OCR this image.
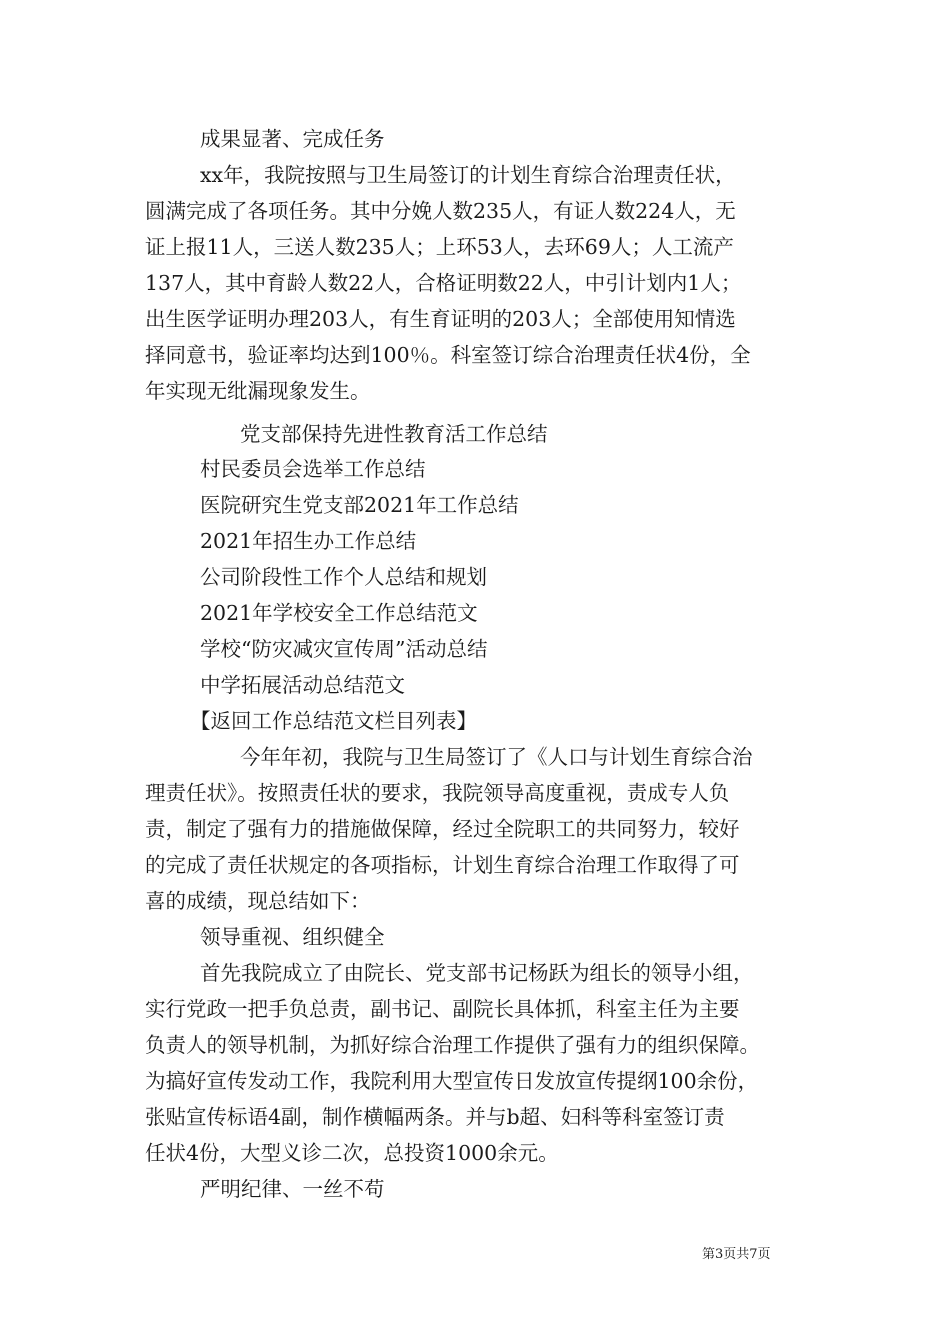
成果显著、完成任务
xx年，我院按照与卫生局签订的计划生育综合治理责任状，
圆满完成了各项任务。其中分娩人数235人，有证人数224人，无
证上报11人，三送人数235人；上环53人，去环69人；人工流产
137人，其中育龄人数22人，合格证明数22人，中引计划内1人；
出生医学证明办理203人，有生育证明的203人；全部使用知情选
择同意书，验证率均达到100％。科室签订综合治理责任状4份，全
年实现无纰漏现象发生。
党支部保持先进性教育活工作总结
村民委员会选举工作总结
医院研究生党支部2021年工作总结
2021年招生办工作总结
公司阶段性工作个人总结和规划
2021年学校安全工作总结范文
学校“防灾减灾宣传周”活动总结
中学拓展活动总结范文
【返回工作总结范文栏目列表】
今年年初，我院与卫生局签订了《人口与计划生育综合治
理责任状》。按照责任状的要求，我院领导高度重视，责成专人负
责，制定了强有力的措施做保障，经过全院职工的共同努力，较好
的完成了责任状规定的各项指标，计划生育综合治理工作取得了可
喜的成绩，现总结如下：
领导重视、组织健全
首先我院成立了由院长、党支部书记杨跃为组长的领导小组，
实行党政一把手负总责，副书记、副院长具体抓，科室主任为主要
负责人的领导机制，为抓好综合治理工作提供了强有力的组织保障。
为搞好宣传发动工作，我院利用大型宣传日发放宣传提纲100余份，
张贴宣传标语4副，制作横幅两条。并与b超、妇科等科室签订责
任状4份，大型义诊二次，总投资1000余元。
严明纪律、一丝不苟
第3页共7页
